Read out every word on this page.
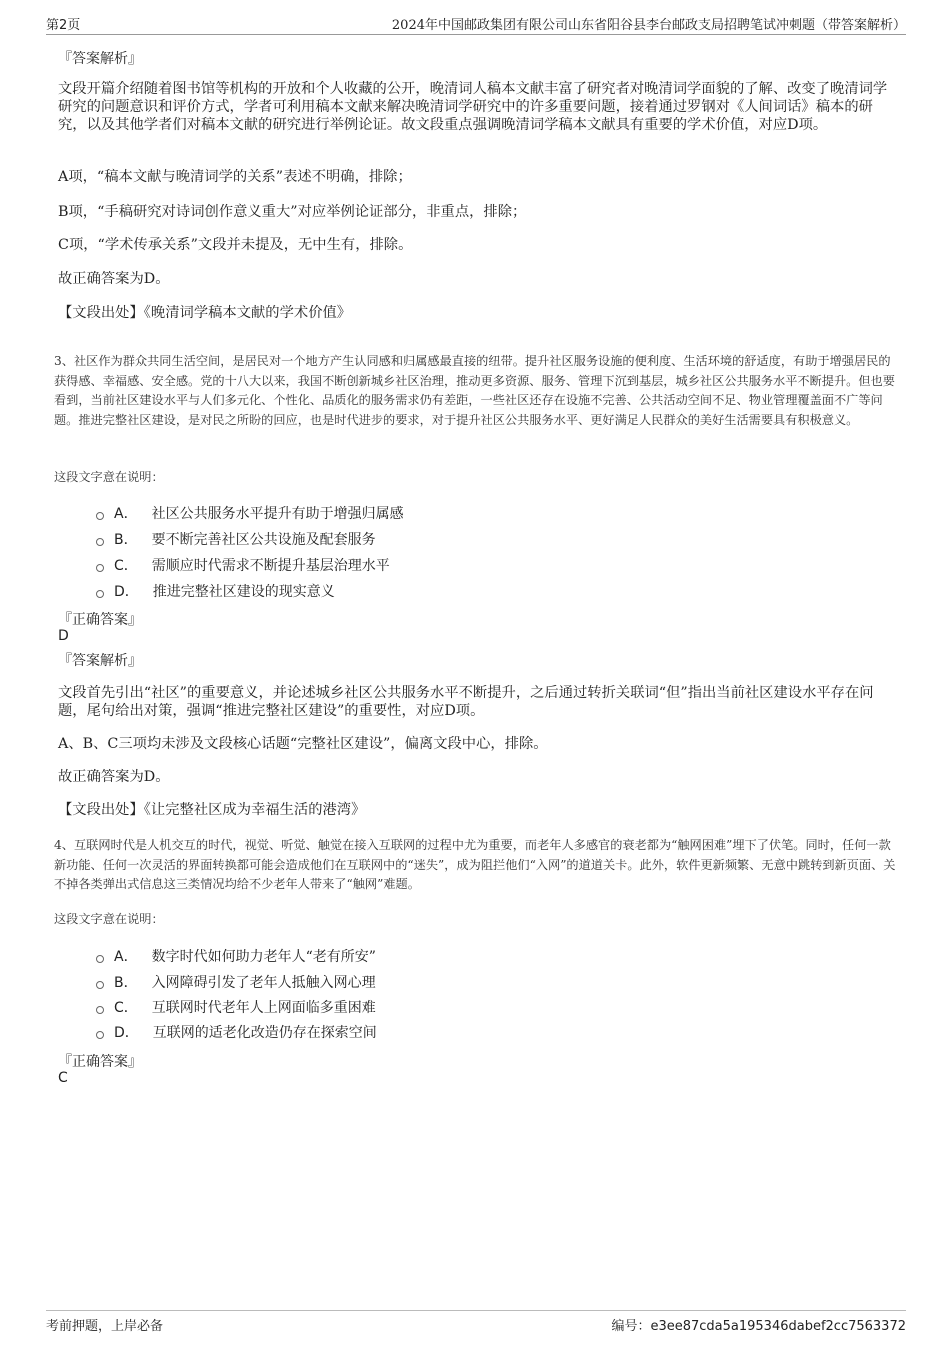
第2页	2024年中国邮政集团有限公司山东省阳谷县李台邮政支局招聘笔试冲刺题（带答案解析）
『答案解析』
文段开篇介绍随着图书馆等机构的开放和个人收藏的公开，晚清词人稿本文献丰富了研究者对晚清词学面貌的了解、改变了晚清词学研究的问题意识和评价方式，学者可利用稿本文献来解决晚清词学研究中的许多重要问题，接着通过罗钢对《人间词话》稿本的研究，以及其他学者们对稿本文献的研究进行举例论证。故文段重点强调晚清词学稿本文献具有重要的学术价值，对应D项。
A项，“稿本文献与晚清词学的关系”表述不明确，排除；
B项，“手稿研究对诗词创作意义重大”对应举例论证部分，非重点，排除；
C项，“学术传承关系”文段并未提及，无中生有，排除。
故正确答案为D。
【文段出处】《晚清词学稿本文献的学术价值》
3、社区作为群众共同生活空间，是居民对一个地方产生认同感和归属感最直接的纽带。提升社区服务设施的便利度、生活环境的舒适度，有助于增强居民的获得感、幸福感、安全感。党的十八大以来，我国不断创新城乡社区治理，推动更多资源、服务、管理下沉到基层，城乡社区公共服务水平不断提升。但也要看到，当前社区建设水平与人们多元化、个性化、品质化的服务需求仍有差距，一些社区还存在设施不完善、公共活动空间不足、物业管理覆盖面不广等问题。推进完整社区建设，是对民之所盼的回应，也是时代进步的要求，对于提升社区公共服务水平、更好满足人民群众的美好生活需要具有积极意义。
这段文字意在说明：
A． 社区公共服务水平提升有助于增强归属感
B． 要不断完善社区公共设施及配套服务
C． 需顺应时代需求不断提升基层治理水平
D． 推进完整社区建设的现实意义
『正确答案』
D
『答案解析』
文段首先引出“社区”的重要意义，并论述城乡社区公共服务水平不断提升，之后通过转折关联词“但”指出当前社区建设水平存在问题，尾句给出对策，强调“推进完整社区建设”的重要性，对应D项。
A、B、C三项均未涉及文段核心话题“完整社区建设”，偏离文段中心，排除。
故正确答案为D。
【文段出处】《让完整社区成为幸福生活的港湾》
4、互联网时代是人机交互的时代，视觉、听觉、触觉在接入互联网的过程中尤为重要，而老年人多感官的衰老都为“触网困难”埋下了伏笔。同时，任何一款新功能、任何一次灵活的界面转换都可能会造成他们在互联网中的“迷失”，成为阻拦他们“入网”的道道关卡。此外，软件更新频繁、无意中跳转到新页面、关不掉各类弹出式信息这三类情况均给不少老年人带来了“触网”难题。
这段文字意在说明：
A． 数字时代如何助力老年人“老有所安”
B． 入网障碍引发了老年人抵触入网心理
C． 互联网时代老年人上网面临多重困难
D． 互联网的适老化改造仍存在探索空间
『正确答案』
C
考前押题，上岸必备	编号：e3ee87cda5a195346dabef2cc7563372
